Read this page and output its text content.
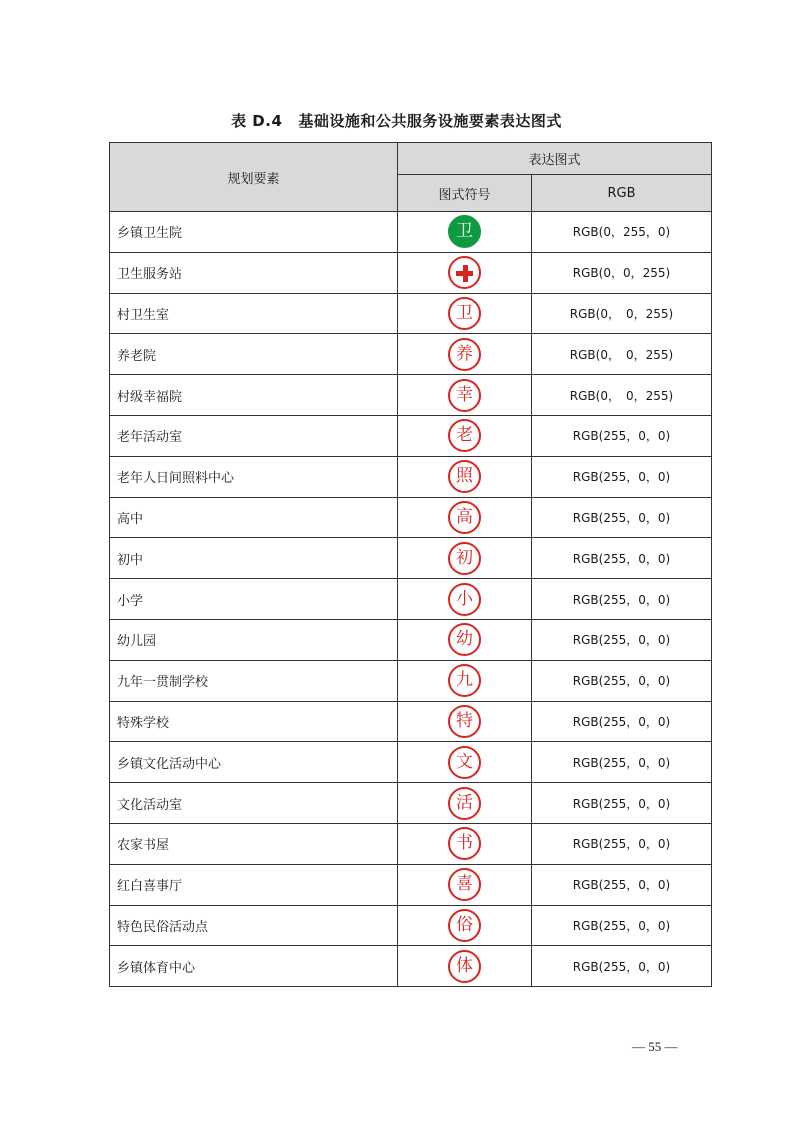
表 D.4 基础设施和公共服务设施要素表达图式
规划要素	表达图式	
	图式符号	RGB
乡镇卫生院	卫	RGB(0，255，0)
卫生服务站		RGB(0，0，255)
村卫生室	卫	RGB(0，　0，255)
养老院	养	RGB(0，　0，255)
村级幸福院	幸	RGB(0，　0，255)
老年活动室	老	RGB(255，0，0)
老年人日间照料中心	照	RGB(255，0，0)
高中	高	RGB(255，0，0)
初中	初	RGB(255，0，0)
小学	小	RGB(255，0，0)
幼儿园	幼	RGB(255，0，0)
九年一贯制学校	九	RGB(255，0，0)
特殊学校	特	RGB(255，0，0)
乡镇文化活动中心	文	RGB(255，0，0)
文化活动室	活	RGB(255，0，0)
农家书屋	书	RGB(255，0，0)
红白喜事厅	喜	RGB(255，0，0)
特色民俗活动点	俗	RGB(255，0，0)
乡镇体育中心	体	RGB(255，0，0)
— 55 —
